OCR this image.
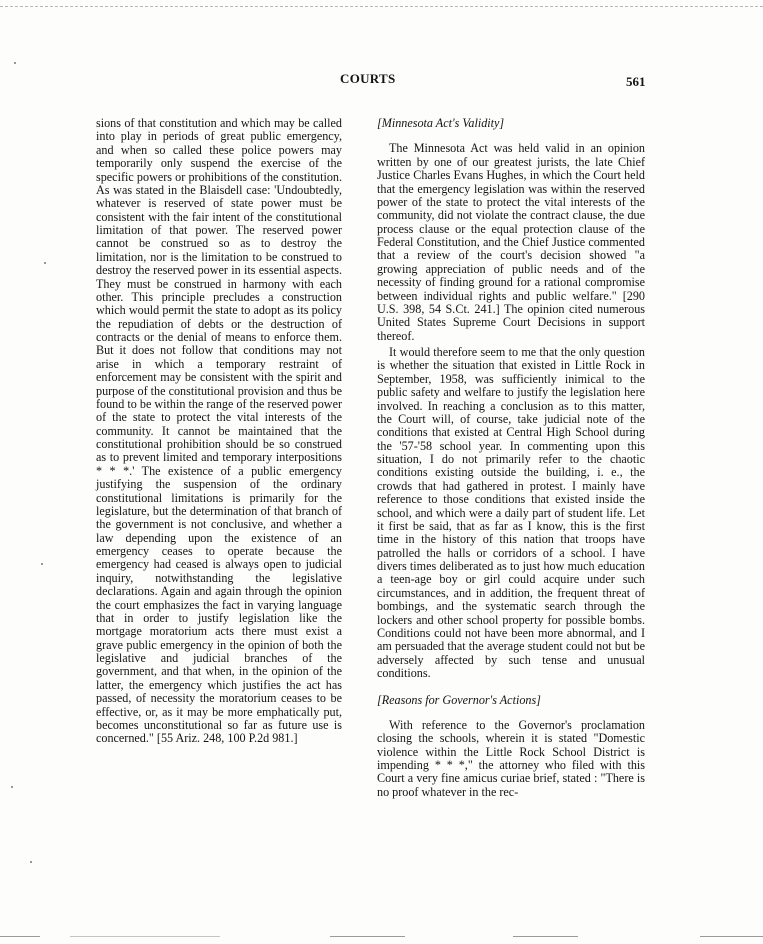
COURTS	561

sions of that constitution and which may be called into play in periods of great public emergency, and when so called these police powers may temporarily only suspend the exercise of the specific powers or prohibitions of the constitution. As was stated in the Blaisdell case: 'Undoubtedly, whatever is reserved of state power must be consistent with the fair intent of the constitutional limitation of that power. The reserved power cannot be construed so as to destroy the limitation, nor is the limitation to be construed to destroy the reserved power in its essential aspects. They must be construed in harmony with each other. This principle precludes a construction which would permit the state to adopt as its policy the repudiation of debts or the destruction of contracts or the denial of means to enforce them. But it does not follow that conditions may not arise in which a temporary restraint of enforcement may be consistent with the spirit and purpose of the constitutional provision and thus be found to be within the range of the reserved power of the state to protect the vital interests of the community. It cannot be maintained that the constitutional prohibition should be so construed as to prevent limited and temporary interpositions * * *.' The existence of a public emergency justifying the suspension of the ordinary constitutional limitations is primarily for the legislature, but the determination of that branch of the government is not conclusive, and whether a law depending upon the existence of an emergency ceases to operate because the emergency had ceased is always open to judicial inquiry, notwithstanding the legislative declarations. Again and again through the opinion the court emphasizes the fact in varying language that in order to justify legislation like the mortgage moratorium acts there must exist a grave public emergency in the opinion of both the legislative and judicial branches of the government, and that when, in the opinion of the latter, the emergency which justifies the act has passed, of necessity the moratorium ceases to be effective, or, as it may be more emphatically put, becomes unconstitutional so far as future use is concerned." [55 Ariz. 248, 100 P.2d 981.]

[Minnesota Act's Validity]

The Minnesota Act was held valid in an opinion written by one of our greatest jurists, the late Chief Justice Charles Evans Hughes, in which the Court held that the emergency legislation was within the reserved power of the state to protect the vital interests of the community, did not violate the contract clause, the due process clause or the equal protection clause of the Federal Constitution, and the Chief Justice commented that a review of the court's decision showed "a growing appreciation of public needs and of the necessity of finding ground for a rational compromise between individual rights and public welfare." [290 U.S. 398, 54 S.Ct. 241.] The opinion cited numerous United States Supreme Court Decisions in support thereof.

It would therefore seem to me that the only question is whether the situation that existed in Little Rock in September, 1958, was sufficiently inimical to the public safety and welfare to justify the legislation here involved. In reaching a conclusion as to this matter, the Court will, of course, take judicial note of the conditions that existed at Central High School during the '57-'58 school year. In commenting upon this situation, I do not primarily refer to the chaotic conditions existing outside the building, i. e., the crowds that had gathered in protest. I mainly have reference to those conditions that existed inside the school, and which were a daily part of student life. Let it first be said, that as far as I know, this is the first time in the history of this nation that troops have patrolled the halls or corridors of a school. I have divers times deliberated as to just how much education a teen-age boy or girl could acquire under such circumstances, and in addition, the frequent threat of bombings, and the systematic search through the lockers and other school property for possible bombs. Conditions could not have been more abnormal, and I am persuaded that the average student could not but be adversely affected by such tense and unusual conditions.

[Reasons for Governor's Actions]

With reference to the Governor's proclamation closing the schools, wherein it is stated "Domestic violence within the Little Rock School District is impending * * *," the attorney who filed with this Court a very fine amicus curiae brief, stated : "There is no proof whatever in the rec-
